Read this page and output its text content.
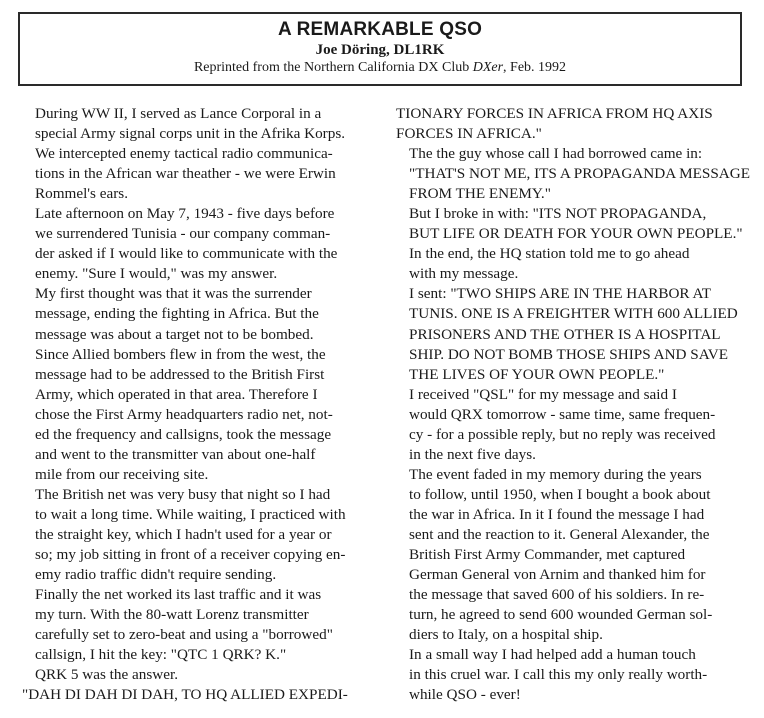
A REMARKABLE QSO
Joe Döring, DL1RK
Reprinted from the Northern California DX Club DXer, Feb. 1992

During WW II, I served as Lance Corporal in a
special Army signal corps unit in the Afrika Korps.
We intercepted enemy tactical radio communica-
tions in the African war theather - we were Erwin
Rommel's ears.

Late afternoon on May 7, 1943 - five days before
we surrendered Tunisia - our company comman-
der asked if I would like to communicate with the
enemy. "Sure I would," was my answer.

My first thought was that it was the surrender
message, ending the fighting in Africa. But the
message was about a target not to be bombed.

Since Allied bombers flew in from the west, the
message had to be addressed to the British First
Army, which operated in that area. Therefore I
chose the First Army headquarters radio net, not-
ed the frequency and callsigns, took the message
and went to the transmitter van about one-half
mile from our receiving site.

The British net was very busy that night so I had
to wait a long time. While waiting, I practiced with
the straight key, which I hadn't used for a year or
so; my job sitting in front of a receiver copying en-
emy radio traffic didn't require sending.

Finally the net worked its last traffic and it was
my turn. With the 80-watt Lorenz transmitter
carefully set to zero-beat and using a "borrowed"
callsign, I hit the key: "QTC 1 QRK? K."

QRK 5 was the answer.

"DAH DI DAH DI DAH, TO HQ ALLIED EXPEDI-

TIONARY FORCES IN AFRICA FROM HQ AXIS
FORCES IN AFRICA."

The the guy whose call I had borrowed came in:
"THAT'S NOT ME, ITS A PROPAGANDA MESSAGE
FROM THE ENEMY."

But I broke in with: "ITS NOT PROPAGANDA,
BUT LIFE OR DEATH FOR YOUR OWN PEOPLE."
In the end, the HQ station told me to go ahead
with my message.

I sent: "TWO SHIPS ARE IN THE HARBOR AT
TUNIS. ONE IS A FREIGHTER WITH 600 ALLIED
PRISONERS AND THE OTHER IS A HOSPITAL
SHIP. DO NOT BOMB THOSE SHIPS AND SAVE
THE LIVES OF YOUR OWN PEOPLE."

I received "QSL" for my message and said I
would QRX tomorrow - same time, same frequen-
cy - for a possible reply, but no reply was received
in the next five days.

The event faded in my memory during the years
to follow, until 1950, when I bought a book about
the war in Africa. In it I found the message I had
sent and the reaction to it. General Alexander, the
British First Army Commander, met captured
German General von Arnim and thanked him for
the message that saved 600 of his soldiers. In re-
turn, he agreed to send 600 wounded German sol-
diers to Italy, on a hospital ship.

In a small way I had helped add a human touch
in this cruel war. I call this my only really worth-
while QSO - ever!
